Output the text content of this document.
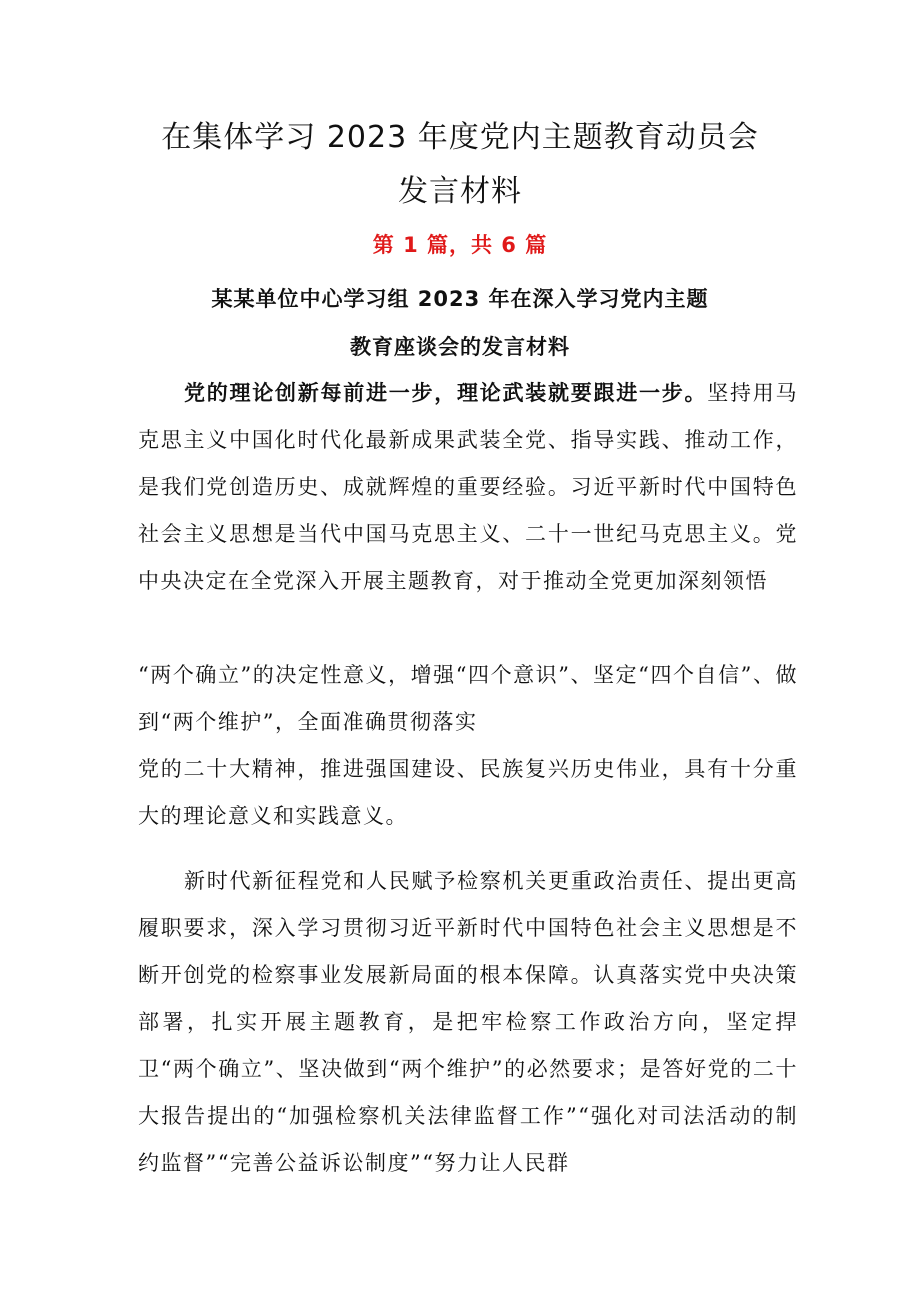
在集体学习 2023 年度党内主题教育动员会
发言材料
第 1 篇，共 6 篇
某某单位中心学习组 2023 年在深入学习党内主题
教育座谈会的发言材料

党的理论创新每前进一步，理论武装就要跟进一步。坚持用马克思主义中国化时代化最新成果武装全党、指导实践、推动工作，是我们党创造历史、成就辉煌的重要经验。习近平新时代中国特色社会主义思想是当代中国马克思主义、二十一世纪马克思主义。党中央决定在全党深入开展主题教育，对于推动全党更加深刻领悟

“两个确立”的决定性意义，增强“四个意识”、坚定“四个自信”、做到“两个维护”，全面准确贯彻落实

党的二十大精神，推进强国建设、民族复兴历史伟业，具有十分重大的理论意义和实践意义。

新时代新征程党和人民赋予检察机关更重政治责任、提出更高履职要求，深入学习贯彻习近平新时代中国特色社会主义思想是不断开创党的检察事业发展新局面的根本保障。认真落实党中央决策部署，扎实开展主题教育，是把牢检察工作政治方向，坚定捍卫“两个确立”、坚决做到“两个维护”的必然要求；是答好党的二十大报告提出的“加强检察机关法律监督工作”“强化对司法活动的制约监督”“完善公益诉讼制度”“努力让人民群
